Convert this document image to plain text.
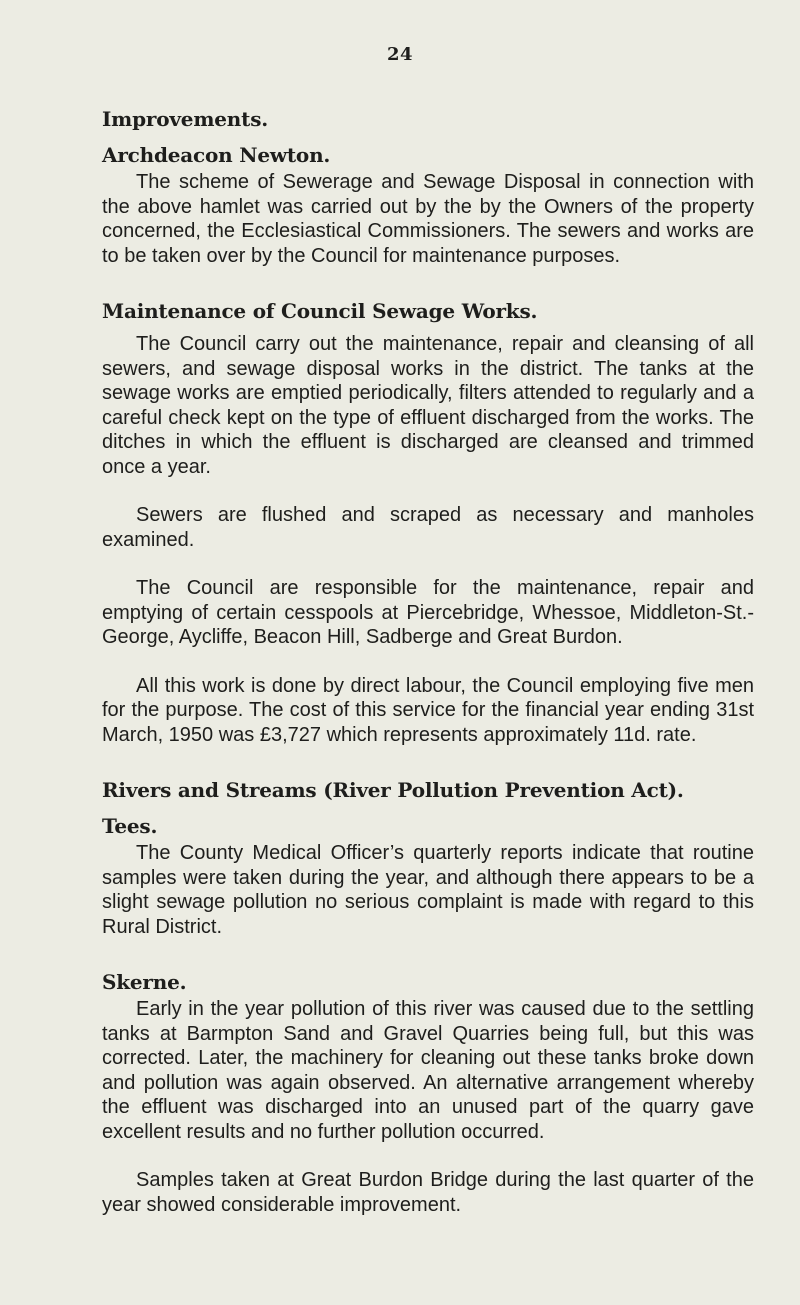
24
Improvements.
Archdeacon Newton.

The scheme of Sewerage and Sewage Disposal in connection with the above hamlet was carried out by the by the Owners of the property concerned, the Ecclesiastical Commissioners. The sewers and works are to be taken over by the Council for maintenance purposes.

Maintenance of Council Sewage Works.

The Council carry out the maintenance, repair and cleansing of all sewers, and sewage disposal works in the district. The tanks at the sewage works are emptied periodically, filters attended to regularly and a careful check kept on the type of effluent discharged from the works. The ditches in which the effluent is discharged are cleansed and trimmed once a year.

Sewers are flushed and scraped as necessary and manholes examined.

The Council are responsible for the maintenance, repair and emptying of certain cesspools at Piercebridge, Whessoe, Middleton-St.-George, Aycliffe, Beacon Hill, Sadberge and Great Burdon.

All this work is done by direct labour, the Council employing five men for the purpose. The cost of this service for the financial year ending 31st March, 1950 was £3,727 which represents approximately 11d. rate.

Rivers and Streams (River Pollution Prevention Act).
Tees.

The County Medical Officer’s quarterly reports indicate that routine samples were taken during the year, and although there appears to be a slight sewage pollution no serious complaint is made with regard to this Rural District.

Skerne.

Early in the year pollution of this river was caused due to the settling tanks at Barmpton Sand and Gravel Quarries being full, but this was corrected. Later, the machinery for cleaning out these tanks broke down and pollution was again observed. An alternative arrangement whereby the effluent was discharged into an unused part of the quarry gave excellent results and no further pollution occurred.

Samples taken at Great Burdon Bridge during the last quarter of the year showed considerable improvement.
